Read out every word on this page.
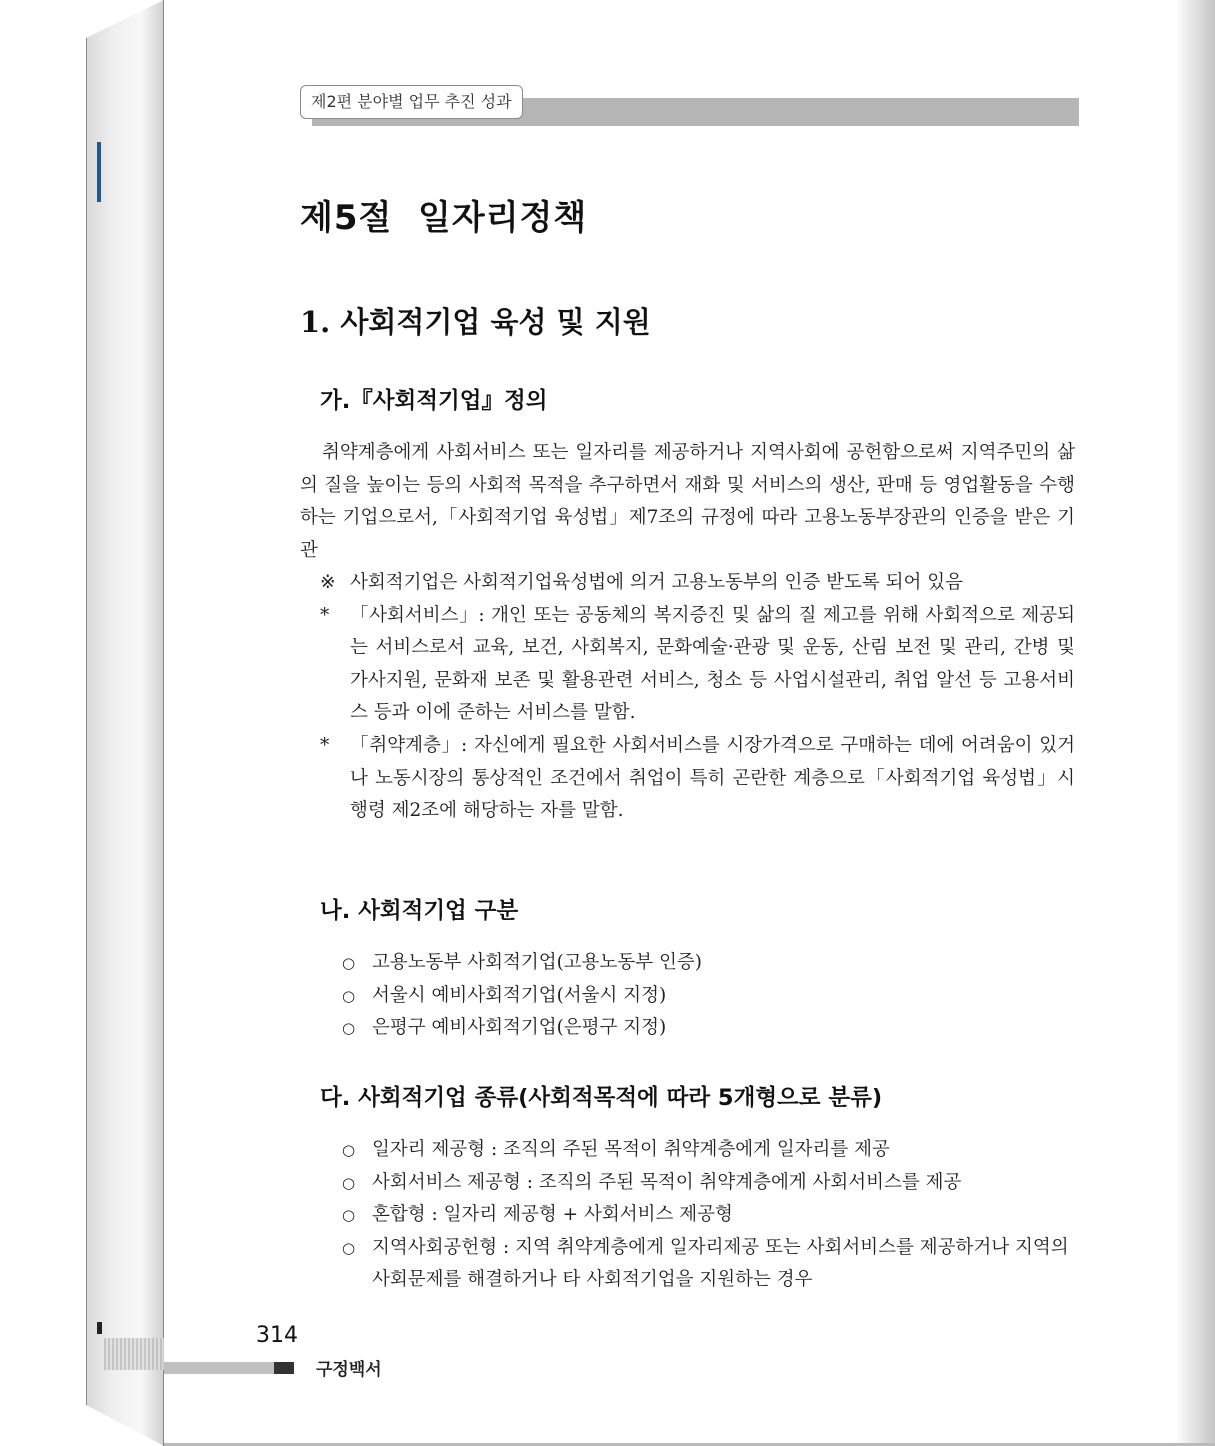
제2편 분야별 업무 추진 성과
제5절  일자리정책
1. 사회적기업 육성 및 지원
가.『사회적기업』정의

취약계층에게 사회서비스 또는 일자리를 제공하거나 지역사회에 공헌함으로써 지역주민의 삶의 질을 높이는 등의 사회적 목적을 추구하면서 재화 및 서비스의 생산, 판매 등 영업활동을 수행하는 기업으로서,「사회적기업 육성법」제7조의 규정에 따라 고용노동부장관의 인증을 받은 기관

※ 사회적기업은 사회적기업육성법에 의거 고용노동부의 인증 받도록 되어 있음
*	「사회서비스」: 개인 또는 공동체의 복지증진 및 삶의 질 제고를 위해 사회적으로 제공되는 서비스로서 교육, 보건, 사회복지, 문화예술·관광 및 운동, 산림 보전 및 관리, 간병 및 가사지원, 문화재 보존 및 활용관련 서비스, 청소 등 사업시설관리, 취업 알선 등 고용서비스 등과 이에 준하는 서비스를 말함.
*	「취약계층」: 자신에게 필요한 사회서비스를 시장가격으로 구매하는 데에 어려움이 있거나 노동시장의 통상적인 조건에서 취업이 특히 곤란한 계층으로「사회적기업 육성법」시행령 제2조에 해당하는 자를 말함.
나. 사회적기업 구분
○ 고용노동부 사회적기업(고용노동부 인증)
○ 서울시 예비사회적기업(서울시 지정)
○ 은평구 예비사회적기업(은평구 지정)
다. 사회적기업 종류(사회적목적에 따라 5개형으로 분류)
○ 일자리 제공형 : 조직의 주된 목적이 취약계층에게 일자리를 제공
○ 사회서비스 제공형 : 조직의 주된 목적이 취약계층에게 사회서비스를 제공
○ 혼합형 : 일자리 제공형 + 사회서비스 제공형
○ 지역사회공헌형 : 지역 취약계층에게 일자리제공 또는 사회서비스를 제공하거나 지역의 사회문제를 해결하거나 타 사회적기업을 지원하는 경우

314

구정백서
